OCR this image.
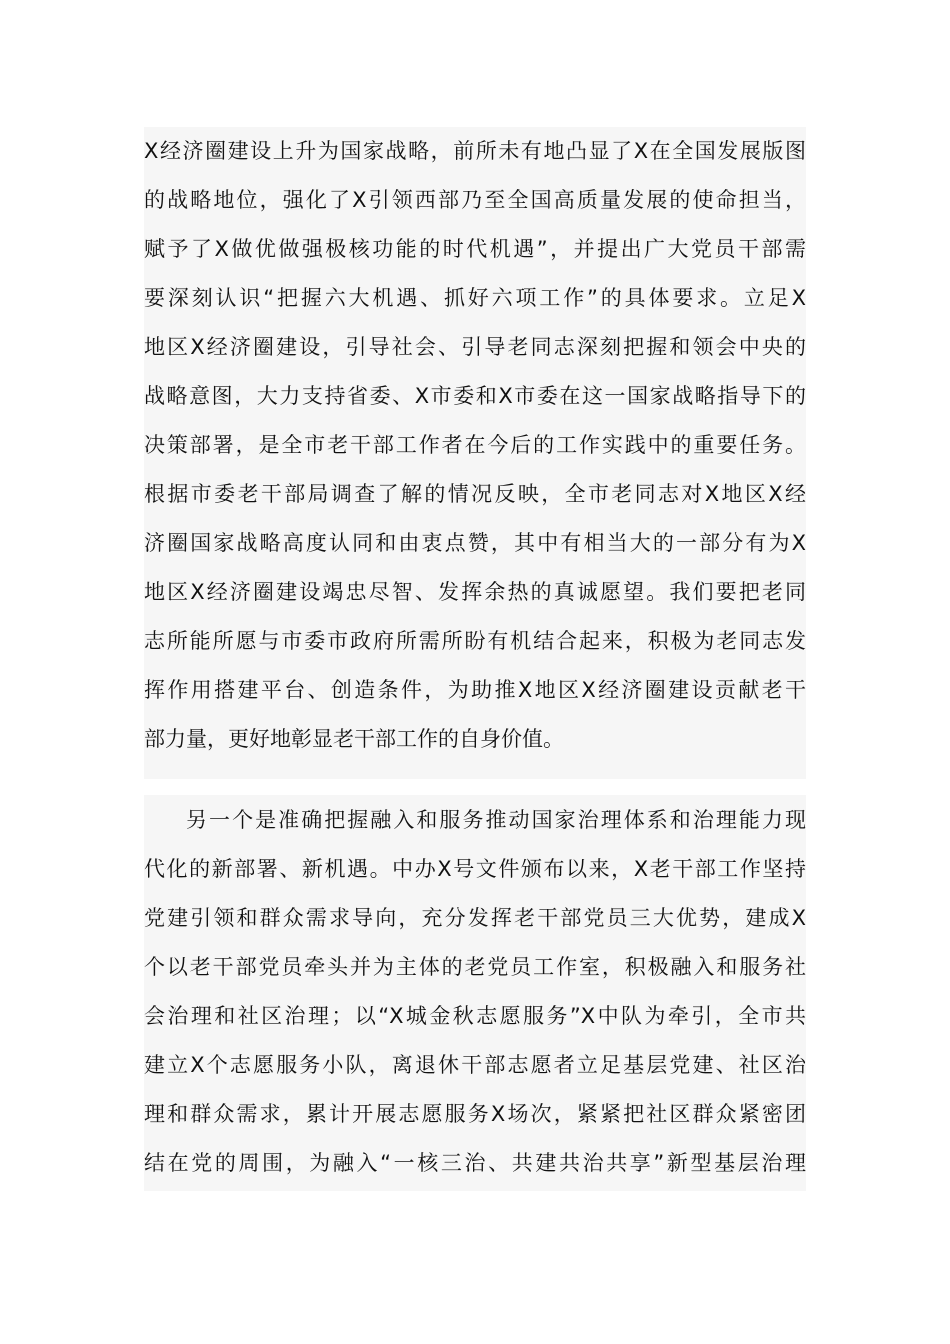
X经济圈建设上升为国家战略，前所未有地凸显了X在全国发展版图
的战略地位，强化了X引领西部乃至全国高质量发展的使命担当，
赋予了X做优做强极核功能的时代机遇”，并提出广大党员干部需
要深刻认识“把握六大机遇、抓好六项工作”的具体要求。立足X
地区X经济圈建设，引导社会、引导老同志深刻把握和领会中央的
战略意图，大力支持省委、X市委和X市委在这一国家战略指导下的
决策部署，是全市老干部工作者在今后的工作实践中的重要任务。
根据市委老干部局调查了解的情况反映，全市老同志对X地区X经
济圈国家战略高度认同和由衷点赞，其中有相当大的一部分有为X
地区X经济圈建设竭忠尽智、发挥余热的真诚愿望。我们要把老同
志所能所愿与市委市政府所需所盼有机结合起来，积极为老同志发
挥作用搭建平台、创造条件，为助推X地区X经济圈建设贡献老干
部力量，更好地彰显老干部工作的自身价值。
另一个是准确把握融入和服务推动国家治理体系和治理能力现
代化的新部署、新机遇。中办X号文件颁布以来，X老干部工作坚持
党建引领和群众需求导向，充分发挥老干部党员三大优势，建成X
个以老干部党员牵头并为主体的老党员工作室，积极融入和服务社
会治理和社区治理；以“X城金秋志愿服务”X中队为牵引，全市共
建立X个志愿服务小队，离退休干部志愿者立足基层党建、社区治
理和群众需求，累计开展志愿服务X场次，紧紧把社区群众紧密团
结在党的周围，为融入“一核三治、共建共治共享”新型基层治理
